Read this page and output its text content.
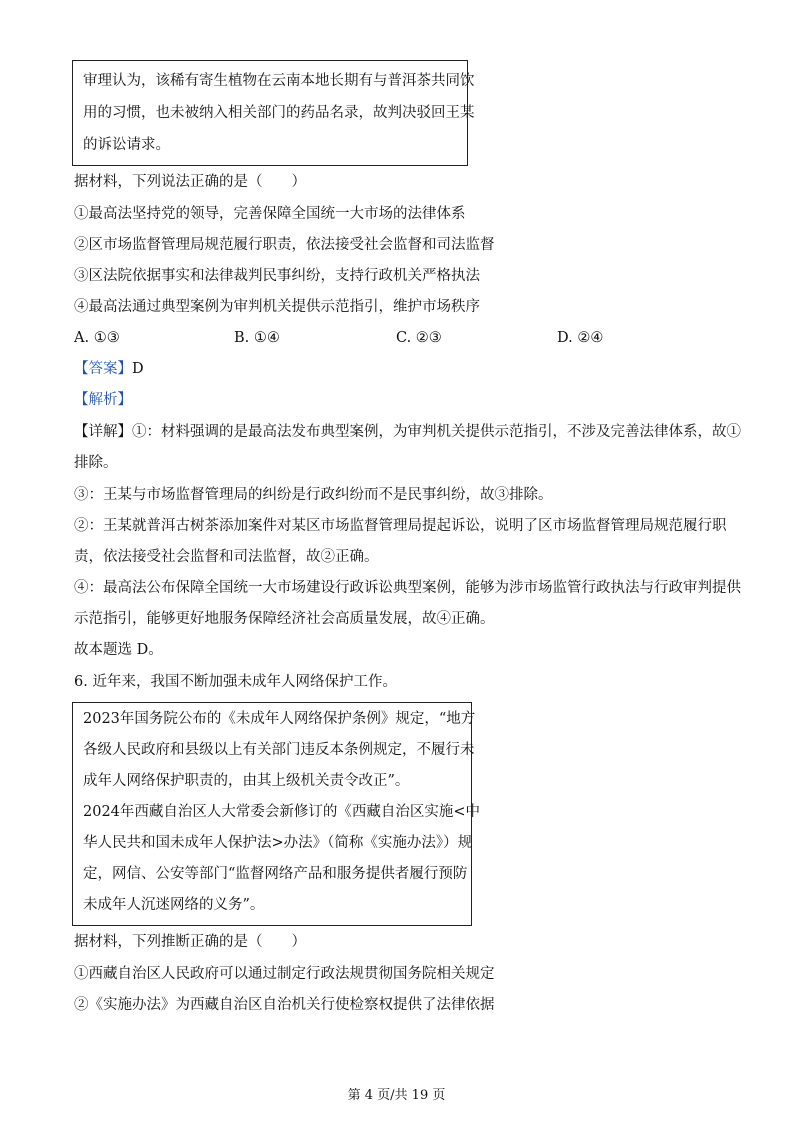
审理认为，该稀有寄生植物在云南本地长期有与普洱茶共同饮
用的习惯，也未被纳入相关部门的药品名录，故判决驳回王某
的诉讼请求。
据材料，下列说法正确的是（　　）
①最高法坚持党的领导，完善保障全国统一大市场的法律体系
②区市场监督管理局规范履行职责，依法接受社会监督和司法监督
③区法院依据事实和法律裁判民事纠纷，支持行政机关严格执法
④最高法通过典型案例为审判机关提供示范指引，维护市场秩序
A. ①③	B. ①④	C. ②③	D. ②④
【答案】D
【解析】
【详解】①：材料强调的是最高法发布典型案例，为审判机关提供示范指引，不涉及完善法律体系，故①
排除。
③：王某与市场监督管理局的纠纷是行政纠纷而不是民事纠纷，故③排除。
②：王某就普洱古树茶添加案件对某区市场监督管理局提起诉讼，说明了区市场监督管理局规范履行职
责，依法接受社会监督和司法监督，故②正确。
④：最高法公布保障全国统一大市场建设行政诉讼典型案例，能够为涉市场监管行政执法与行政审判提供
示范指引，能够更好地服务保障经济社会高质量发展，故④正确。
故本题选 D。
6. 近年来，我国不断加强未成年人网络保护工作。
2023年国务院公布的《未成年人网络保护条例》规定，“地方
各级人民政府和县级以上有关部门违反本条例规定，不履行未
成年人网络保护职责的，由其上级机关责令改正”。
2024年西藏自治区人大常委会新修订的《西藏自治区实施<中
华人民共和国未成年人保护法>办法》（简称《实施办法》）规
定，网信、公安等部门“监督网络产品和服务提供者履行预防
未成年人沉迷网络的义务”。
据材料，下列推断正确的是（　　）
①西藏自治区人民政府可以通过制定行政法规贯彻国务院相关规定
②《实施办法》为西藏自治区自治机关行使检察权提供了法律依据
第 4 页/共 19 页
